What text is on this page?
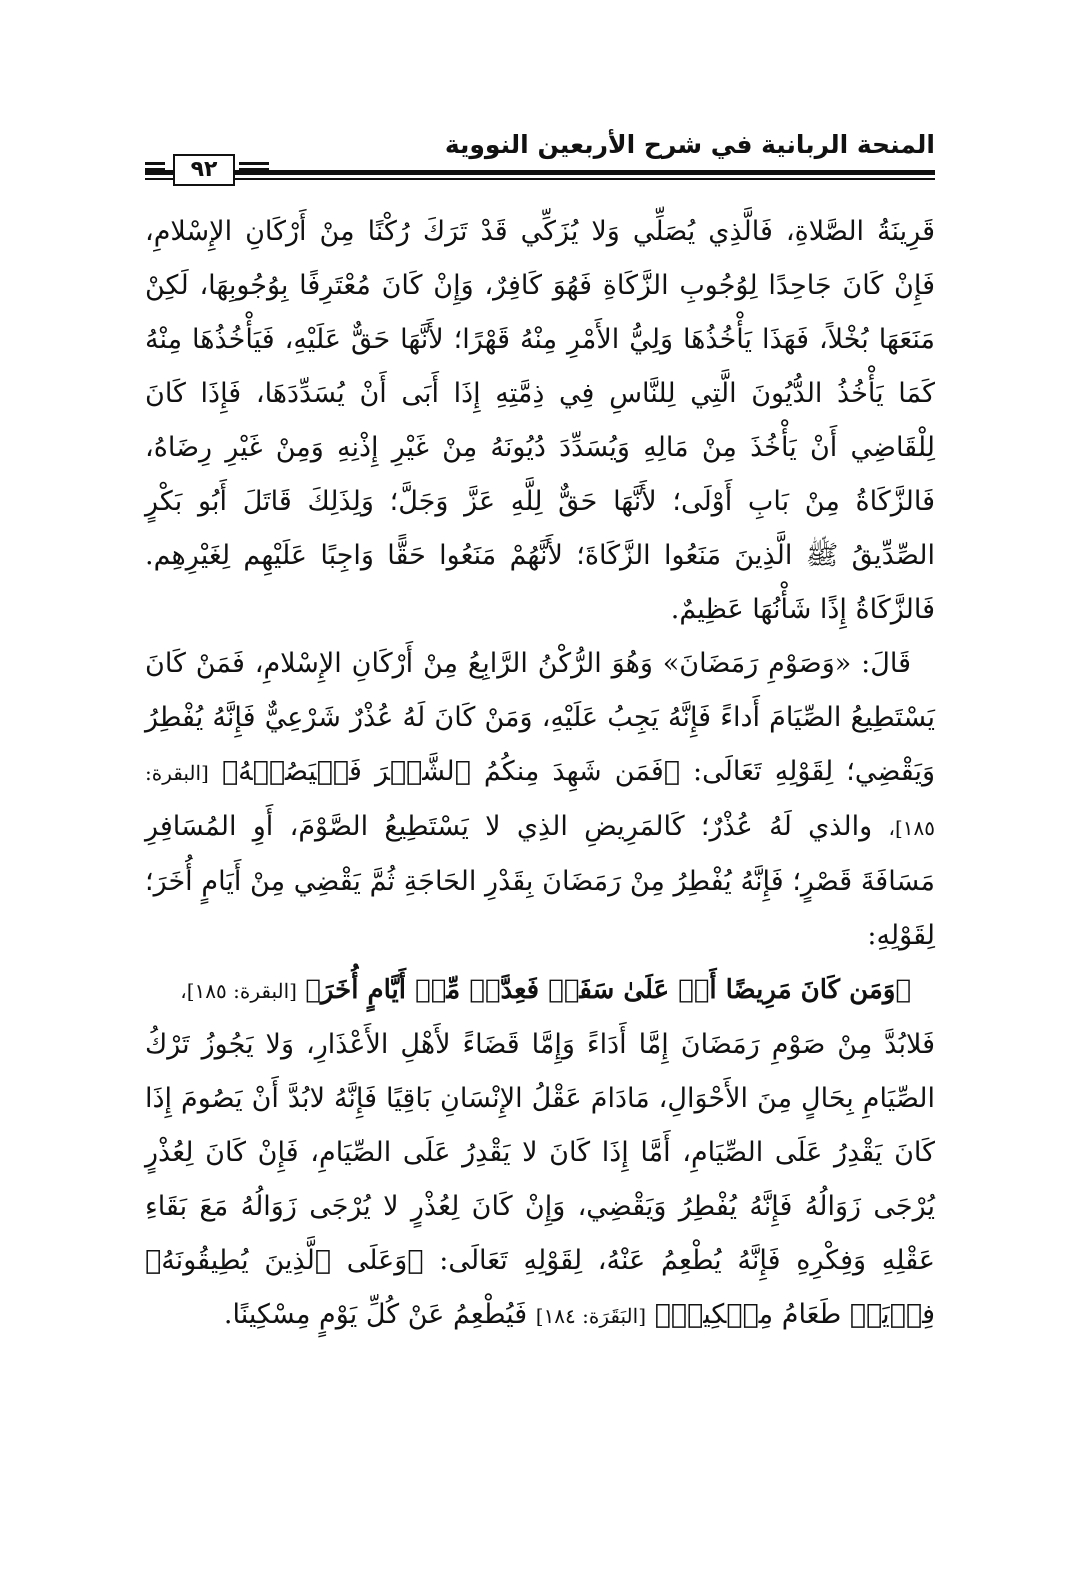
المنحة الربانية في شرح الأربعين النووية
٩٢

قَرِينَةُ الصَّلاةِ، فَالَّذِي يُصَلِّي وَلا يُزَكِّي قَدْ تَرَكَ رُكْنًا مِنْ أَرْكَانِ الإِسْلامِ، فَإِنْ كَانَ جَاحِدًا لِوُجُوبِ الزَّكَاةِ فَهُوَ كَافِرٌ، وَإِنْ كَانَ مُعْتَرِفًا بِوُجُوبِهَا، لَكِنْ مَنَعَهَا بُخْلاً، فَهَذَا يَأْخُذُهَا وَلِيُّ الأَمْرِ مِنْهُ قَهْرًا؛ لأَنَّهَا حَقٌّ عَلَيْهِ، فَيَأْخُذُهَا مِنْهُ كَمَا يَأْخُذُ الدُّيُونَ الَّتِي لِلنَّاسِ فِي ذِمَّتِهِ إِذَا أَبَى أَنْ يُسَدِّدَهَا، فَإِذَا كَانَ لِلْقَاضِي أَنْ يَأْخُذَ مِنْ مَالِهِ وَيُسَدِّدَ دُيُونَهُ مِنْ غَيْرِ إِذْنِهِ وَمِنْ غَيْرِ رِضَاهُ، فَالزَّكَاةُ مِنْ بَابِ أَوْلَى؛ لأَنَّهَا حَقٌّ لِلَّهِ عَزَّ وَجَلَّ؛ وَلِذَلِكَ قَاتَلَ أَبُو بَكْرٍ الصِّدِّيقُ ﷺ الَّذِينَ مَنَعُوا الزَّكَاةَ؛ لأَنَّهُمْ مَنَعُوا حَقًّا وَاجِبًا عَلَيْهِم لِغَيْرِهِم. فَالزَّكَاةُ إِذًا شَأْنُهَا عَظِيمٌ.

قَالَ: «وَصَوْمِ رَمَضَانَ» وَهُوَ الرُّكْنُ الرَّابِعُ مِنْ أَرْكَانِ الإِسْلامِ، فَمَنْ كَانَ يَسْتَطِيعُ الصِّيَامَ أَداءً فَإِنَّهُ يَجِبُ عَلَيْهِ، وَمَنْ كَانَ لَهُ عُذْرٌ شَرْعِيٌّ فَإِنَّهُ يُفْطِرُ وَيَقْضِي؛ لِقَوْلِهِ تَعَالَى: ﴿فَمَن شَهِدَ مِنكُمُ ٱلشَّهۡرَ فَلۡيَصُمۡهُ﴾ [البقرة: ١٨٥]، والذي لَهُ عُذْرٌ؛ كَالمَرِيضِ الذِي لا يَسْتَطِيعُ الصَّوْمَ، أَوِ المُسَافِرِ مَسَافَةَ قَصْرٍ؛ فَإِنَّهُ يُفْطِرُ مِنْ رَمَضَانَ بِقَدْرِ الحَاجَةِ ثُمَّ يَقْضِي مِنْ أَيَامٍ أُخَرَ؛ لِقَوْلِهِ:

﴿وَمَن كَانَ مَرِيضًا أَوۡ عَلَىٰ سَفَرٖ فَعِدَّةٞ مِّنۡ أَيَّامٍ أُخَرَ﴾ [البقرة: ١٨٥]،

فَلابُدَّ مِنْ صَوْمِ رَمَضَانَ إِمَّا أَدَاءً وَإِمَّا قَضَاءً لأَهْلِ الأَعْذَارِ، وَلا يَجُوزُ تَرْكُ الصِّيَامِ بِحَالٍ مِنَ الأَحْوَالِ، مَادَامَ عَقْلُ الإِنْسَانِ بَاقِيًا فَإِنَّهُ لابُدَّ أَنْ يَصُومَ إِذَا كَانَ يَقْدِرُ عَلَى الصِّيَامِ، أَمَّا إِذَا كَانَ لا يَقْدِرُ عَلَى الصِّيَامِ، فَإِنْ كَانَ لِعُذْرٍ يُرْجَى زَوَالُهُ فَإِنَّهُ يُفْطِرُ وَيَقْضِي، وَإِنْ كَانَ لِعُذْرٍ لا يُرْجَى زَوَالُهُ مَعَ بَقَاءِ عَقْلِهِ وَفِكْرِهِ فَإِنَّهُ يُطْعِمُ عَنْهُ، لِقَوْلِهِ تَعَالَى: ﴿وَعَلَى ٱلَّذِينَ يُطِيقُونَهُۥ فِدۡيَةٞ طَعَامُ مِسۡكِينٖ﴾ [البَقَرَة: ١٨٤] فَيُطْعِمُ عَنْ كُلِّ يَوْمٍ مِسْكِينًا.
